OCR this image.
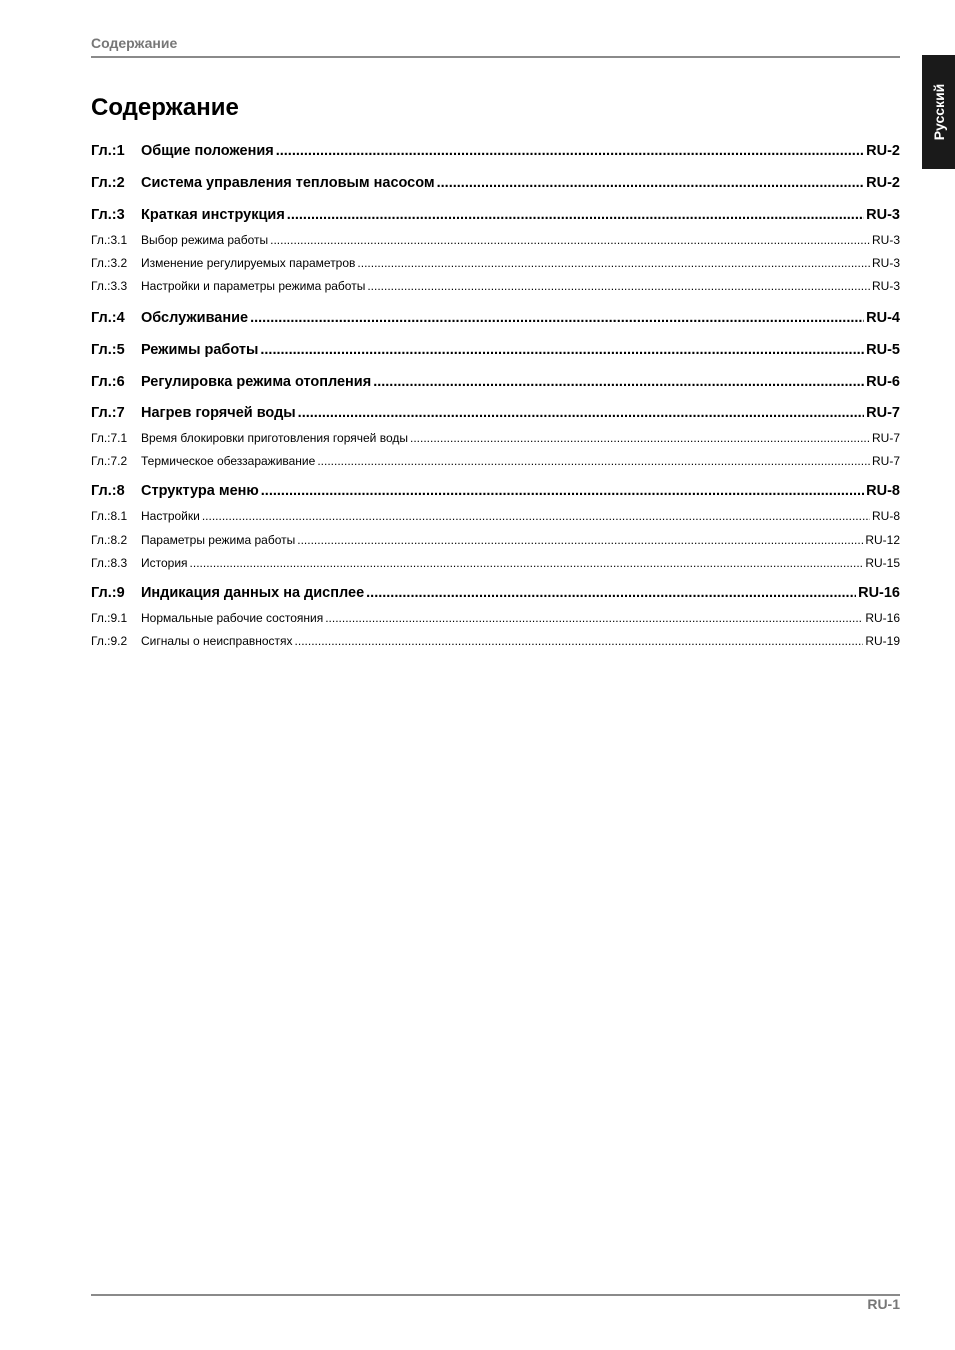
Содержание
Русский
Содержание
Гл.:1	Общие положения .....	RU-2
Гл.:2	Система управления тепловым насосом .....	RU-2
Гл.:3	Краткая инструкция .....	RU-3
Гл.:3.1	Выбор режима работы .....	RU-3
Гл.:3.2	Изменение регулируемых параметров .....	RU-3
Гл.:3.3	Настройки и параметры режима работы .....	RU-3
Гл.:4	Обслуживание .....	RU-4
Гл.:5	Режимы работы .....	RU-5
Гл.:6	Регулировка режима отопления .....	RU-6
Гл.:7	Нагрев горячей воды .....	RU-7
Гл.:7.1	Время блокировки приготовления горячей воды .....	RU-7
Гл.:7.2	Термическое обеззараживание .....	RU-7
Гл.:8	Структура меню .....	RU-8
Гл.:8.1	Настройки .....	RU-8
Гл.:8.2	Параметры режима работы .....	RU-12
Гл.:8.3	История .....	RU-15
Гл.:9	Индикация данных на дисплее .....	RU-16
Гл.:9.1	Нормальные рабочие состояния .....	RU-16
Гл.:9.2	Сигналы о неисправностях .....	RU-19
RU-1
